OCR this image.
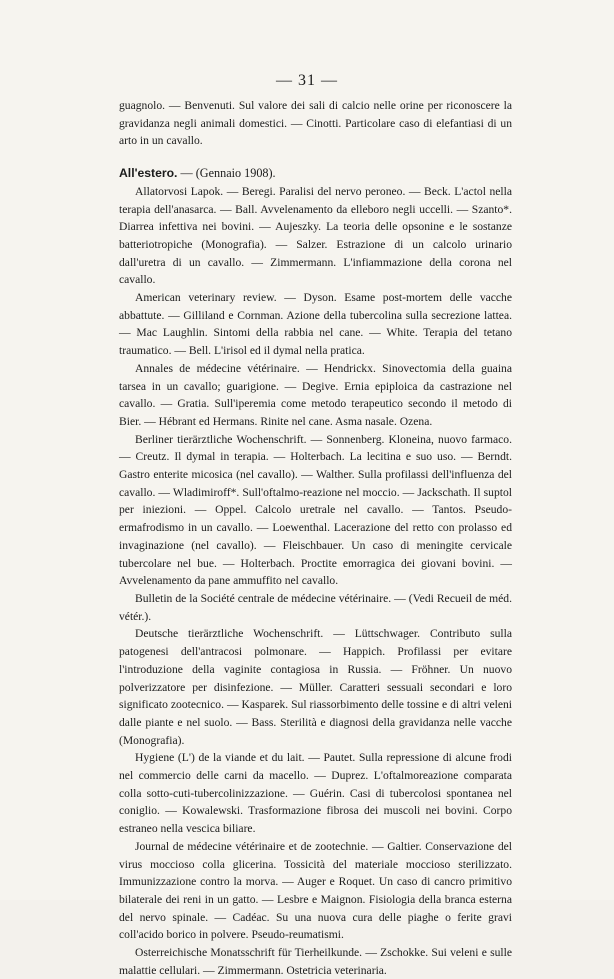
— 31 —

guagnolo. — Benvenuti. Sul valore dei sali di calcio nelle orine per riconoscere la gravidanza negli animali domestici. — Cinotti. Particolare caso di elefantiasi di un arto in un cavallo.

All'estero. — (Gennaio 1908).

Allatorvosi Lapok. — Beregi. Paralisi del nervo peroneo. — Beck. L'actol nella terapia dell'anasarca. — Ball. Avvelenamento da elleboro negli uccelli. — Szanto*. Diarrea infettiva nei bovini. — Aujeszky. La teoria delle opsonine e le sostanze batteriotropiche (Monografia). — Salzer. Estrazione di un calcolo urinario dall'uretra di un cavallo. — Zimmermann. L'infiammazione della corona nel cavallo.

American veterinary review. — Dyson. Esame post-mortem delle vacche abbattute. — Gilliland e Cornman. Azione della tubercolina sulla secrezione lattea. — Mac Laughlin. Sintomi della rabbia nel cane. — White. Terapia del tetano traumatico. — Bell. L'irisol ed il dymal nella pratica.

Annales de médecine vétérinaire. — Hendrickx. Sinovectomia della guaina tarsea in un cavallo; guarigione. — Degive. Ernia epiploica da castrazione nel cavallo. — Gratia. Sull'iperemia come metodo terapeutico secondo il metodo di Bier. — Hébrant ed Hermans. Rinite nel cane. Asma nasale. Ozena.

Berliner tierärztliche Wochenschrift. — Sonnenberg. Kloneina, nuovo farmaco. — Creutz. Il dymal in terapia. — Holterbach. La lecitina e suo uso. — Berndt. Gastro enterite micosica (nel cavallo). — Walther. Sulla profilassi dell'influenza del cavallo. — Wladimiroff*. Sull'oftalmo-reazione nel moccio. — Jackschath. Il suptol per iniezioni. — Oppel. Calcolo uretrale nel cavallo. — Tantos. Pseudo-ermafrodismo in un cavallo. — Loewenthal. Lacerazione del retto con prolasso ed invaginazione (nel cavallo). — Fleischbauer. Un caso di meningite cervicale tubercolare nel bue. — Holterbach. Proctite emorragica dei giovani bovini. — Avvelenamento da pane ammuffito nel cavallo.

Bulletin de la Société centrale de médecine vétérinaire. — (Vedi Recueil de méd. vétér.).

Deutsche tierärztliche Wochenschrift. — Lüttschwager. Contributo sulla patogenesi dell'antracosi polmonare. — Happich. Profilassi per evitare l'introduzione della vaginite contagiosa in Russia. — Fröhner. Un nuovo polverizzatore per disinfezione. — Müller. Caratteri sessuali secondari e loro significato zootecnico. — Kasparek. Sul riassorbimento delle tossine e di altri veleni dalle piante e nel suolo. — Bass. Sterilità e diagnosi della gravidanza nelle vacche (Monografia).

Hygiene (L') de la viande et du lait. — Pautet. Sulla repressione di alcune frodi nel commercio delle carni da macello. — Duprez. L'oftalmoreazione comparata colla sotto-cuti-tubercolinizzazione. — Guérin. Casi di tubercolosi spontanea nel coniglio. — Kowalewski. Trasformazione fibrosa dei muscoli nei bovini. Corpo estraneo nella vescica biliare.

Journal de médecine vétérinaire et de zootechnie. — Galtier. Conservazione del virus moccioso colla glicerina. Tossicità del materiale moccioso sterilizzato. Immunizzazione contro la morva. — Auger e Roquet. Un caso di cancro primitivo bilaterale dei reni in un gatto. — Lesbre e Maignon. Fisiologia della branca esterna del nervo spinale. — Cadéac. Su una nuova cura delle piaghe o ferite gravi coll'acido borico in polvere. Pseudo-reumatismi.

Osterreichische Monatsschrift für Tierheilkunde. — Zschokke. Sui veleni e sulle malattie cellulari. — Zimmermann. Ostetricia veterinaria.
